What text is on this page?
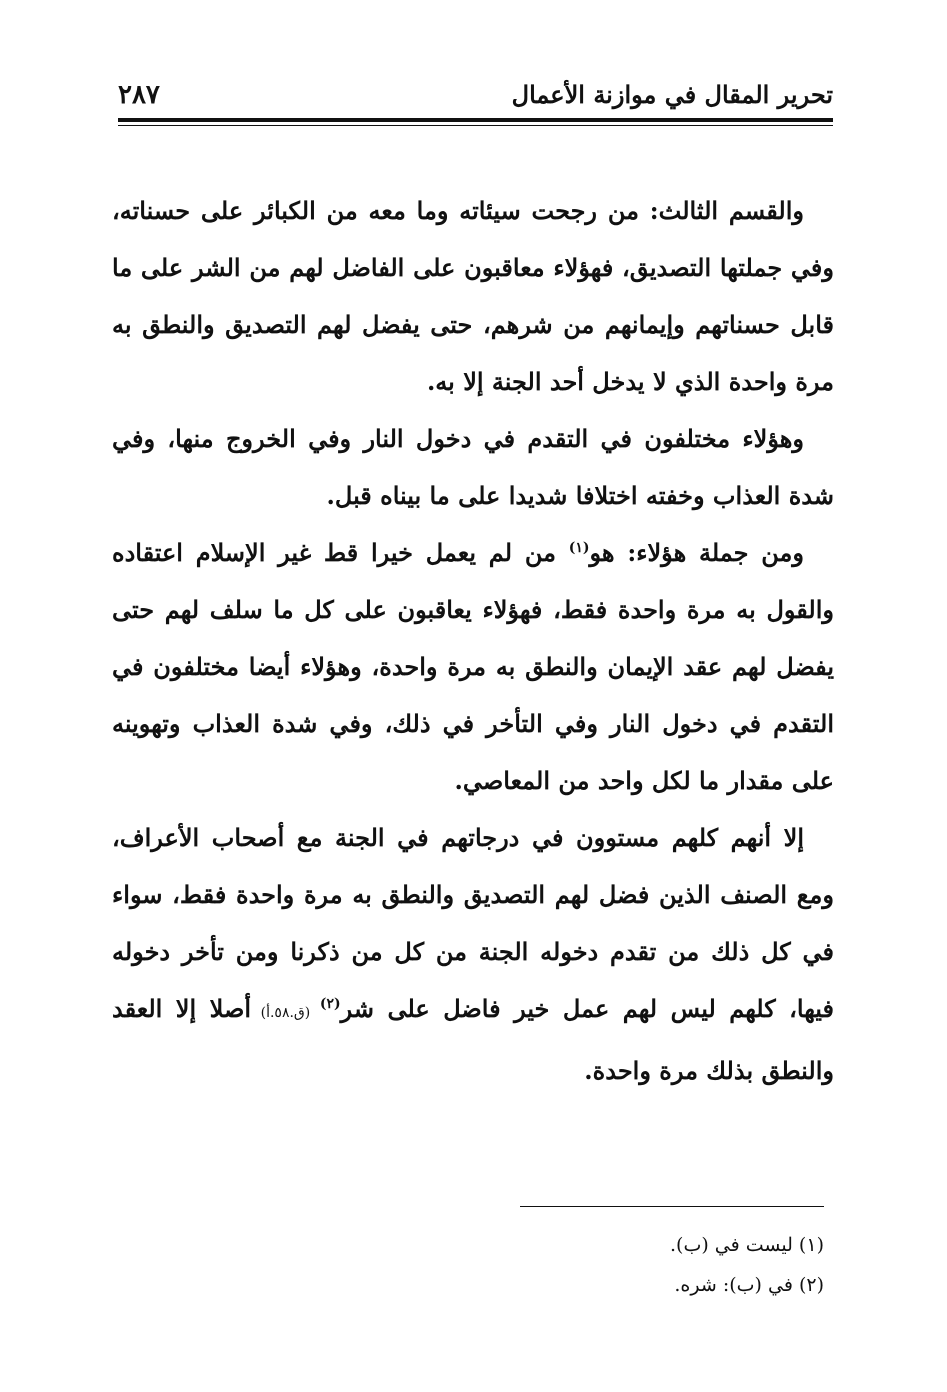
تحرير المقال في موازنة الأعمال
٢٨٧

والقسم الثالث: من رجحت سيئاته وما معه من الكبائر على حسناته، وفي جملتها التصديق، فهؤلاء معاقبون على الفاضل لهم من الشر على ما قابل حسناتهم وإيمانهم من شرهم، حتى يفضل لهم التصديق والنطق به مرة واحدة الذي لا يدخل أحد الجنة إلا به.

وهؤلاء مختلفون في التقدم في دخول النار وفي الخروج منها، وفي شدة العذاب وخفته اختلافا شديدا على ما بيناه قبل.

ومن جملة هؤلاء: هو$^{(١)}$ من لم يعمل خيرا قط غير الإسلام اعتقاده والقول به مرة واحدة فقط، فهؤلاء يعاقبون على كل ما سلف لهم حتى يفضل لهم عقد الإيمان والنطق به مرة واحدة، وهؤلاء أيضا مختلفون في التقدم في دخول النار وفي التأخر في ذلك، وفي شدة العذاب وتهوينه على مقدار ما لكل واحد من المعاصي.

إلا أنهم كلهم مستوون في درجاتهم في الجنة مع أصحاب الأعراف، ومع الصنف الذين فضل لهم التصديق والنطق به مرة واحدة فقط، سواء في كل ذلك من تقدم دخوله الجنة من كل من ذكرنا ومن تأخر دخوله فيها، كلهم ليس لهم عمل خير فاضل على شر$^{(٢)}$ (ق.٥٨.أ) أصلا إلا العقد والنطق بذلك مرة واحدة.

(١) ليست في (ب).
(٢) في (ب): شره.
